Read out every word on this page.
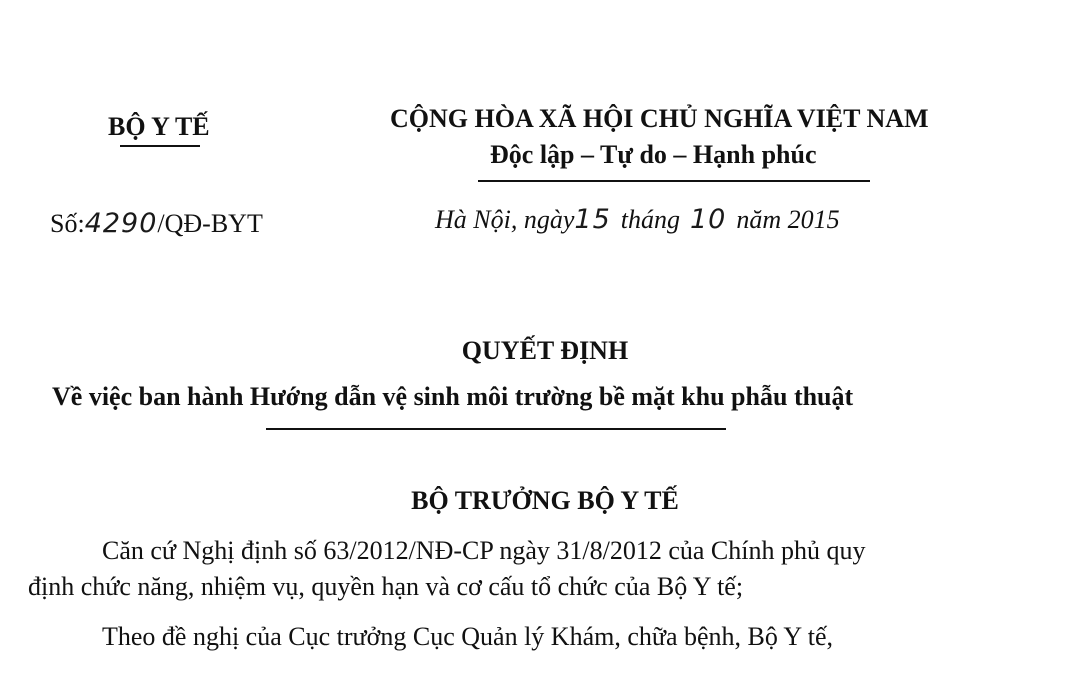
BỘ Y TẾ	CỘNG HÒA XÃ HỘI CHỦ NGHĨA VIỆT NAM
Độc lập – Tự do – Hạnh phúc
Số:4290/QĐ-BYT	Hà Nội, ngày15 tháng 10 năm 2015
QUYẾT ĐỊNH
Về việc ban hành Hướng dẫn vệ sinh môi trường bề mặt khu phẫu thuật
BỘ TRƯỞNG BỘ Y TẾ
Căn cứ Nghị định số 63/2012/NĐ-CP ngày 31/8/2012 của Chính phủ quy
định chức năng, nhiệm vụ, quyền hạn và cơ cấu tổ chức của Bộ Y tế;
Theo đề nghị của Cục trưởng Cục Quản lý Khám, chữa bệnh, Bộ Y tế,
